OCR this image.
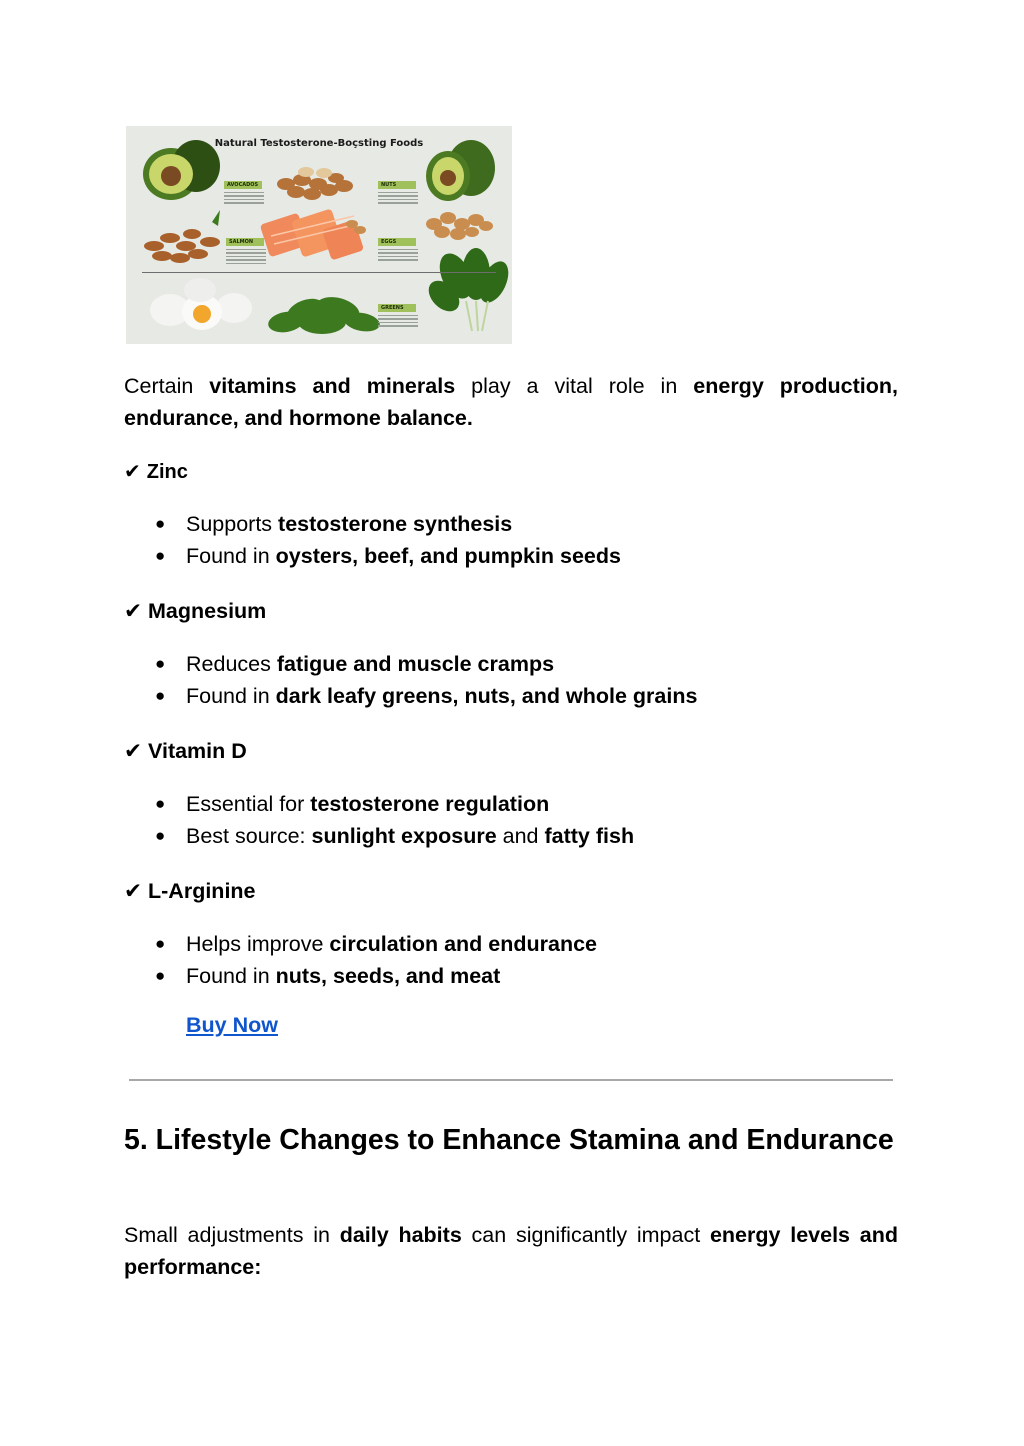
Natural Testosterone-Boçsting Foods
AVOCADOS	NUTS
SALMON	EGGS
GREENS

Certain vitamins and minerals play a vital role in energy production, endurance, and hormone balance.

✔ Zinc

● Supports testosterone synthesis
● Found in oysters, beef, and pumpkin seeds

✔ Magnesium

● Reduces fatigue and muscle cramps
● Found in dark leafy greens, nuts, and whole grains

✔ Vitamin D

● Essential for testosterone regulation
● Best source: sunlight exposure and fatty fish

✔ L-Arginine

● Helps improve circulation and endurance
● Found in nuts, seeds, and meat
Buy Now
5. Lifestyle Changes to Enhance Stamina and Endurance

Small adjustments in daily habits can significantly impact energy levels and performance:
